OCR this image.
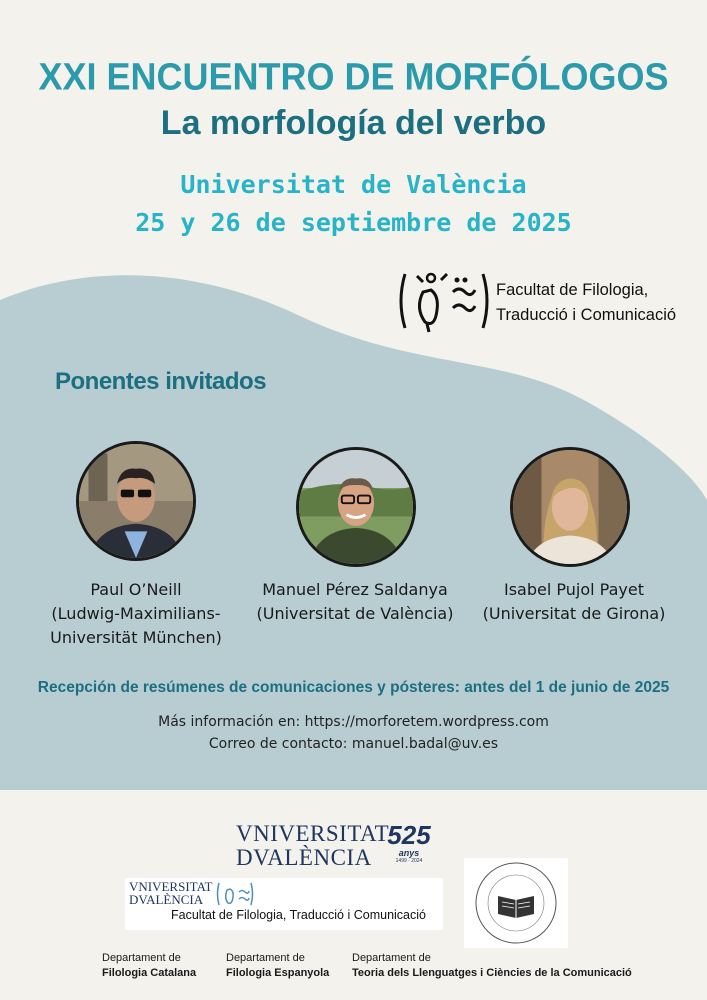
XXI ENCUENTRO DE MORFÓLOGOS
La morfología del verbo
Universitat de València
25 y 26 de septiembre de 2025
Facultat de Filologia,
Traducció i Comunicació
Ponentes invitados
Paul O’Neill
(Ludwig-Maximilians-
Universität München)
Manuel Pérez Saldanya
(Universitat de València)
Isabel Pujol Payet
(Universitat de Girona)
Recepción de resúmenes de comunicaciones y pósteres: antes del 1 de junio de 2025
Más información en: https://morforetem.wordpress.com
Correo de contacto: manuel.badal@uv.es
VNIVERSITAT
DVALÈNCIA
525
anys
1499 · 2024
VNIVERSITAT
DVALÈNCIA
Facultat de Filologia, Traducció i Comunicació
Departament de
Filologia Catalana
Departament de
Filologia Espanyola
Departament de
Teoria dels Llenguatges i Ciències de la Comunicació
